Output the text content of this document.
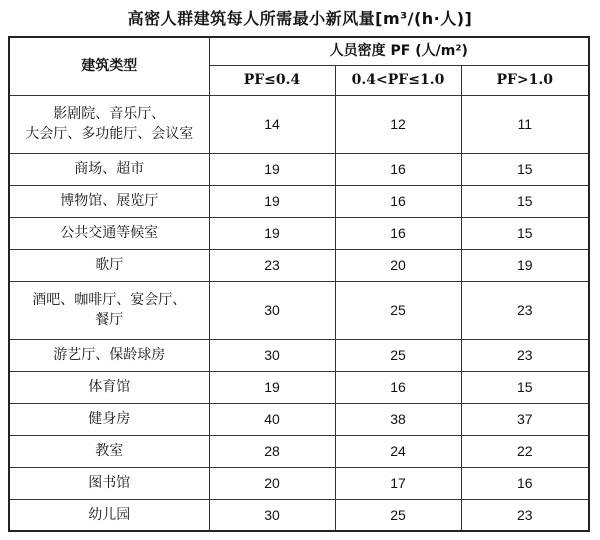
高密人群建筑每人所需最小新风量[m³/(h·人)]
建筑类型	人员密度 PF (人/m²)		
	PF≤0.4	0.4<PF≤1.0	PF>1.0

影剧院、音乐厅、
大会厅、多功能厅、会议室	14	12	11

商场、超市	19	16	15

博物馆、展览厅	19	16	15

公共交通等候室	19	16	15

歌厅	23	20	19

酒吧、咖啡厅、宴会厅、
餐厅	30	25	23

游艺厅、保龄球房	30	25	23

体育馆	19	16	15

健身房	40	38	37

教室	28	24	22

图书馆	20	17	16

幼儿园	30	25	23
